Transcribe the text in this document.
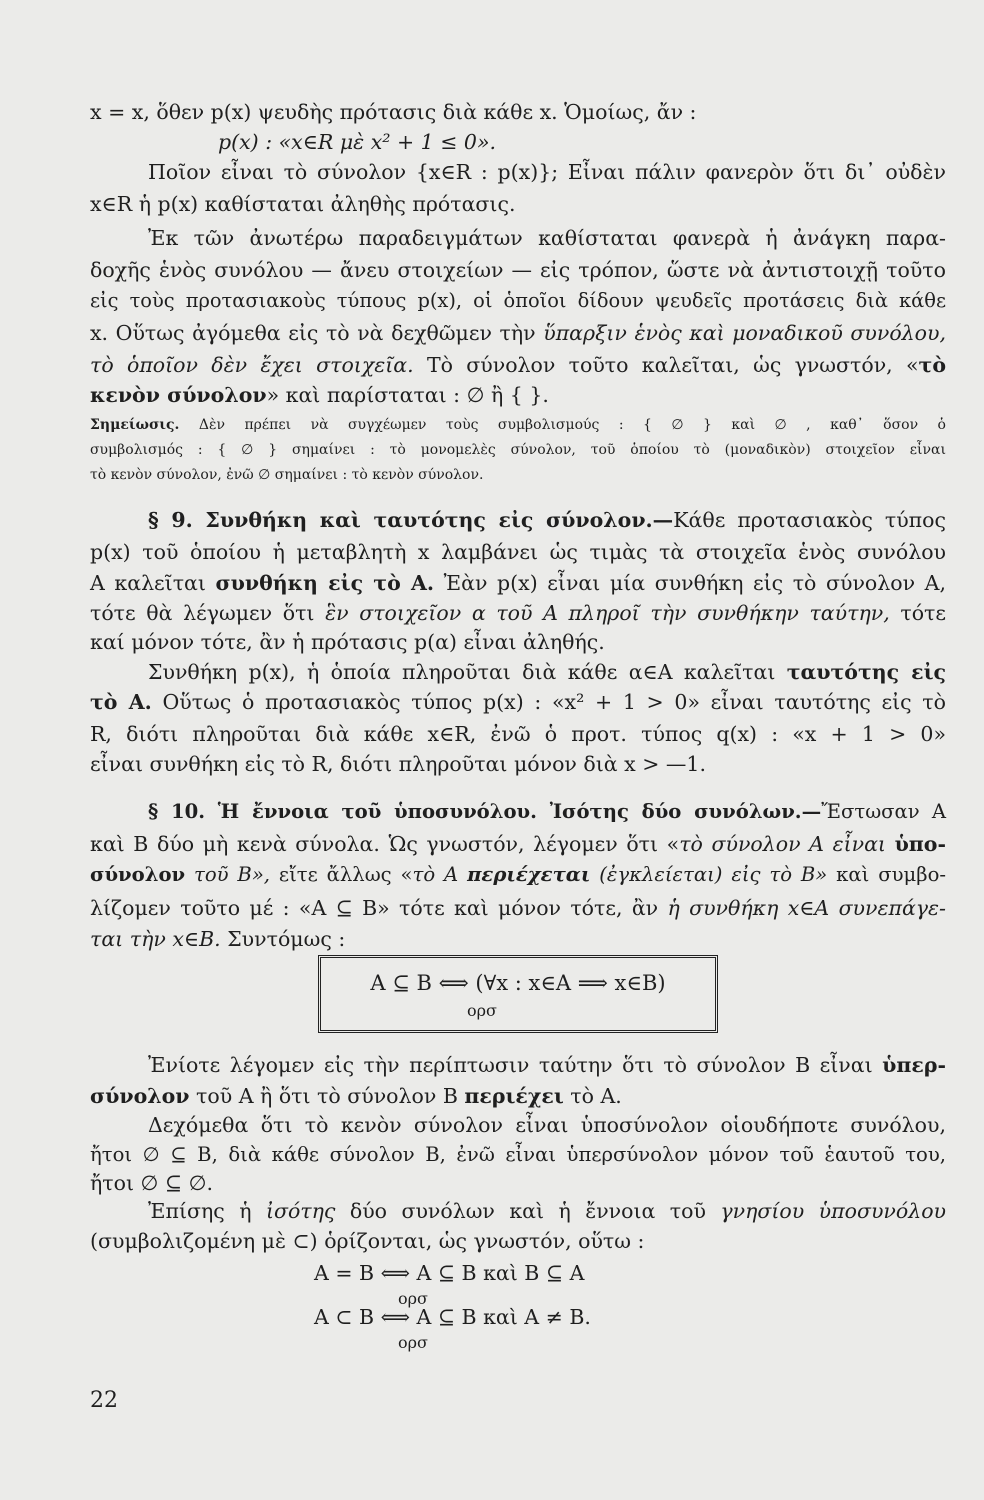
x = x, ὅθεν p(x) ψευδὴς πρότασις διὰ κάθε x. Ὁμοίως, ἄν :
p(x) : «x∈R μὲ x² + 1 ≤ 0».
Ποῖον εἶναι τὸ σύνολον {x∈R : p(x)}; Εἶναι πάλιν φανερὸν ὅτι δι᾿ οὐδὲν
x∈R ἡ p(x) καθίσταται ἀληθὴς πρότασις.
Ἐκ τῶν ἀνωτέρω παραδειγμάτων καθίσταται φανερὰ ἡ ἀνάγκη παρα-
δοχῆς ἑνὸς συνόλου — ἄνευ στοιχείων — εἰς τρόπον, ὥστε νὰ ἀντιστοιχῇ τοῦτο
εἰς τοὺς προτασιακοὺς τύπους p(x), οἱ ὁποῖοι δίδουν ψευδεῖς προτάσεις διὰ κάθε
x. Οὕτως ἀγόμεθα εἰς τὸ νὰ δεχθῶμεν τὴν ὕπαρξιν ἑνὸς καὶ μοναδικοῦ συνόλου,
τὸ ὁποῖον δὲν ἔχει στοιχεῖα. Τὸ σύνολον τοῦτο καλεῖται, ὡς γνωστόν, «τὸ
κενὸν σύνολον» καὶ παρίσταται : ∅ ἢ { }.
Σημείωσις. Δὲν πρέπει νὰ συγχέωμεν τοὺς συμβολισμούς : { ∅ } καὶ ∅ , καθ᾿ ὅσον ὁ
συμβολισμός : { ∅ } σημαίνει : τὸ μονομελὲς σύνολον, τοῦ ὁποίου τὸ (μοναδικὸν) στοιχεῖον εἶναι
τὸ κενὸν σύνολον, ἐνῶ ∅ σημαίνει : τὸ κενὸν σύνολον.
§ 9. Συνθήκη καὶ ταυτότης εἰς σύνολον.—Κάθε προτασιακὸς τύπος
p(x) τοῦ ὁποίου ἡ μεταβλητὴ x λαμβάνει ὡς τιμὰς τὰ στοιχεῖα ἑνὸς συνόλου
Α καλεῖται συνθήκη εἰς τὸ Α. Ἐὰν p(x) εἶναι μία συνθήκη εἰς τὸ σύνολον Α,
τότε θὰ λέγωμεν ὅτι ἓν στοιχεῖον α τοῦ Α πληροῖ τὴν συνθήκην ταύτην, τότε
καί μόνον τότε, ἂν ἡ πρότασις p(α) εἶναι ἀληθής.
Συνθήκη p(x), ἡ ὁποία πληροῦται διὰ κάθε α∈Α καλεῖται ταυτότης εἰς
τὸ Α. Οὕτως ὁ προτασιακὸς τύπος p(x) : «x² + 1 > 0» εἶναι ταυτότης εἰς τὸ
R, διότι πληροῦται διὰ κάθε x∈R, ἐνῶ ὁ προτ. τύπος q(x) : «x + 1 > 0»
εἶναι συνθήκη εἰς τὸ R, διότι πληροῦται μόνον διὰ x > —1.
§ 10. Ἡ ἔννοια τοῦ ὑποσυνόλου. Ἰσότης δύο συνόλων.—Ἔστωσαν Α
καὶ Β δύο μὴ κενὰ σύνολα. Ὡς γνωστόν, λέγομεν ὅτι «τὸ σύνολον Α εἶναι ὑπο-
σύνολον τοῦ Β», εἴτε ἄλλως «τὸ Α περιέχεται (ἐγκλείεται) εἰς τὸ Β» καὶ συμβο-
λίζομεν τοῦτο μέ : «Α ⊆ Β» τότε καὶ μόνον τότε, ἂν ἡ συνθήκη x∈Α συνεπάγε-
ται τὴν x∈Β. Συντόμως :
Α ⊆ Β ⟺ (∀x : x∈Α ⟹ x∈Β)
ορσ
Ἐνίοτε λέγομεν εἰς τὴν περίπτωσιν ταύτην ὅτι τὸ σύνολον Β εἶναι ὑπερ-
σύνολον τοῦ Α ἢ ὅτι τὸ σύνολον Β περιέχει τὸ Α.
Δεχόμεθα ὅτι τὸ κενὸν σύνολον εἶναι ὑποσύνολον οἱουδήποτε συνόλου,
ἤτοι ∅ ⊆ Β, διὰ κάθε σύνολον Β, ἐνῶ εἶναι ὑπερσύνολον μόνον τοῦ ἑαυτοῦ του,
ἤτοι ∅ ⊆ ∅.
Ἐπίσης ἡ ἰσότης δύο συνόλων καὶ ἡ ἔννοια τοῦ γνησίου ὑποσυνόλου
(συμβολιζομένη μὲ ⊂) ὁρίζονται, ὡς γνωστόν, οὕτω :
Α = Β ⟺ Α ⊆ Β καὶ Β ⊆ Α
ορσ
Α ⊂ Β ⟺ Α ⊆ Β καὶ Α ≠ Β.
ορσ
22
